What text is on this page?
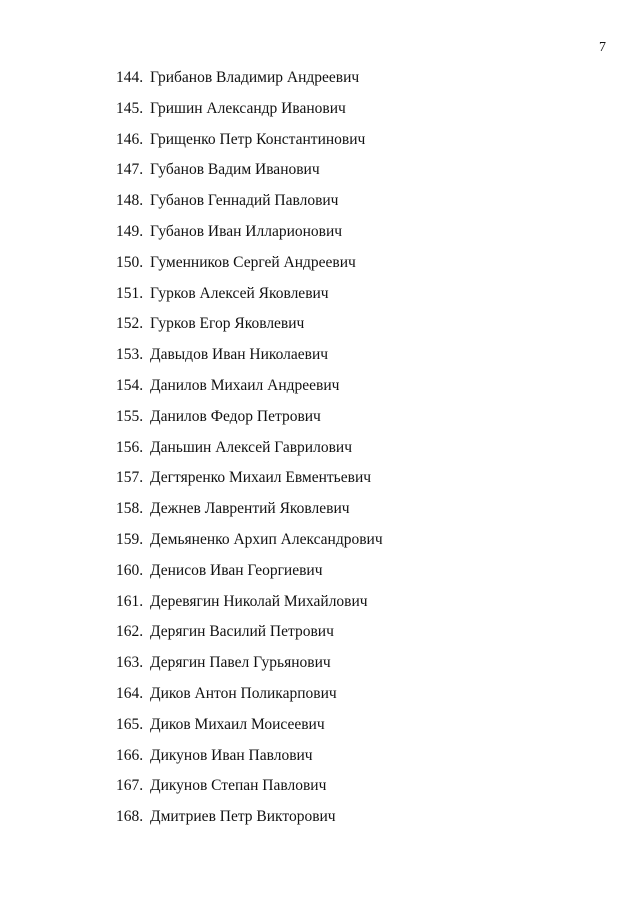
7
144. Грибанов Владимир Андреевич
145. Гришин Александр Иванович
146. Грищенко Петр Константинович
147. Губанов Вадим Иванович
148. Губанов Геннадий Павлович
149. Губанов Иван Илларионович
150. Гуменников Сергей Андреевич
151. Гурков Алексей Яковлевич
152. Гурков Егор Яковлевич
153. Давыдов Иван Николаевич
154. Данилов Михаил Андреевич
155. Данилов Федор Петрович
156. Даньшин Алексей Гаврилович
157. Дегтяренко Михаил Евментьевич
158. Дежнев Лаврентий Яковлевич
159. Демьяненко Архип Александрович
160. Денисов Иван Георгиевич
161. Деревягин Николай Михайлович
162. Дерягин Василий Петрович
163. Дерягин Павел Гурьянович
164. Диков Антон Поликарпович
165. Диков Михаил Моисеевич
166. Дикунов Иван Павлович
167. Дикунов Степан Павлович
168. Дмитриев Петр Викторович
